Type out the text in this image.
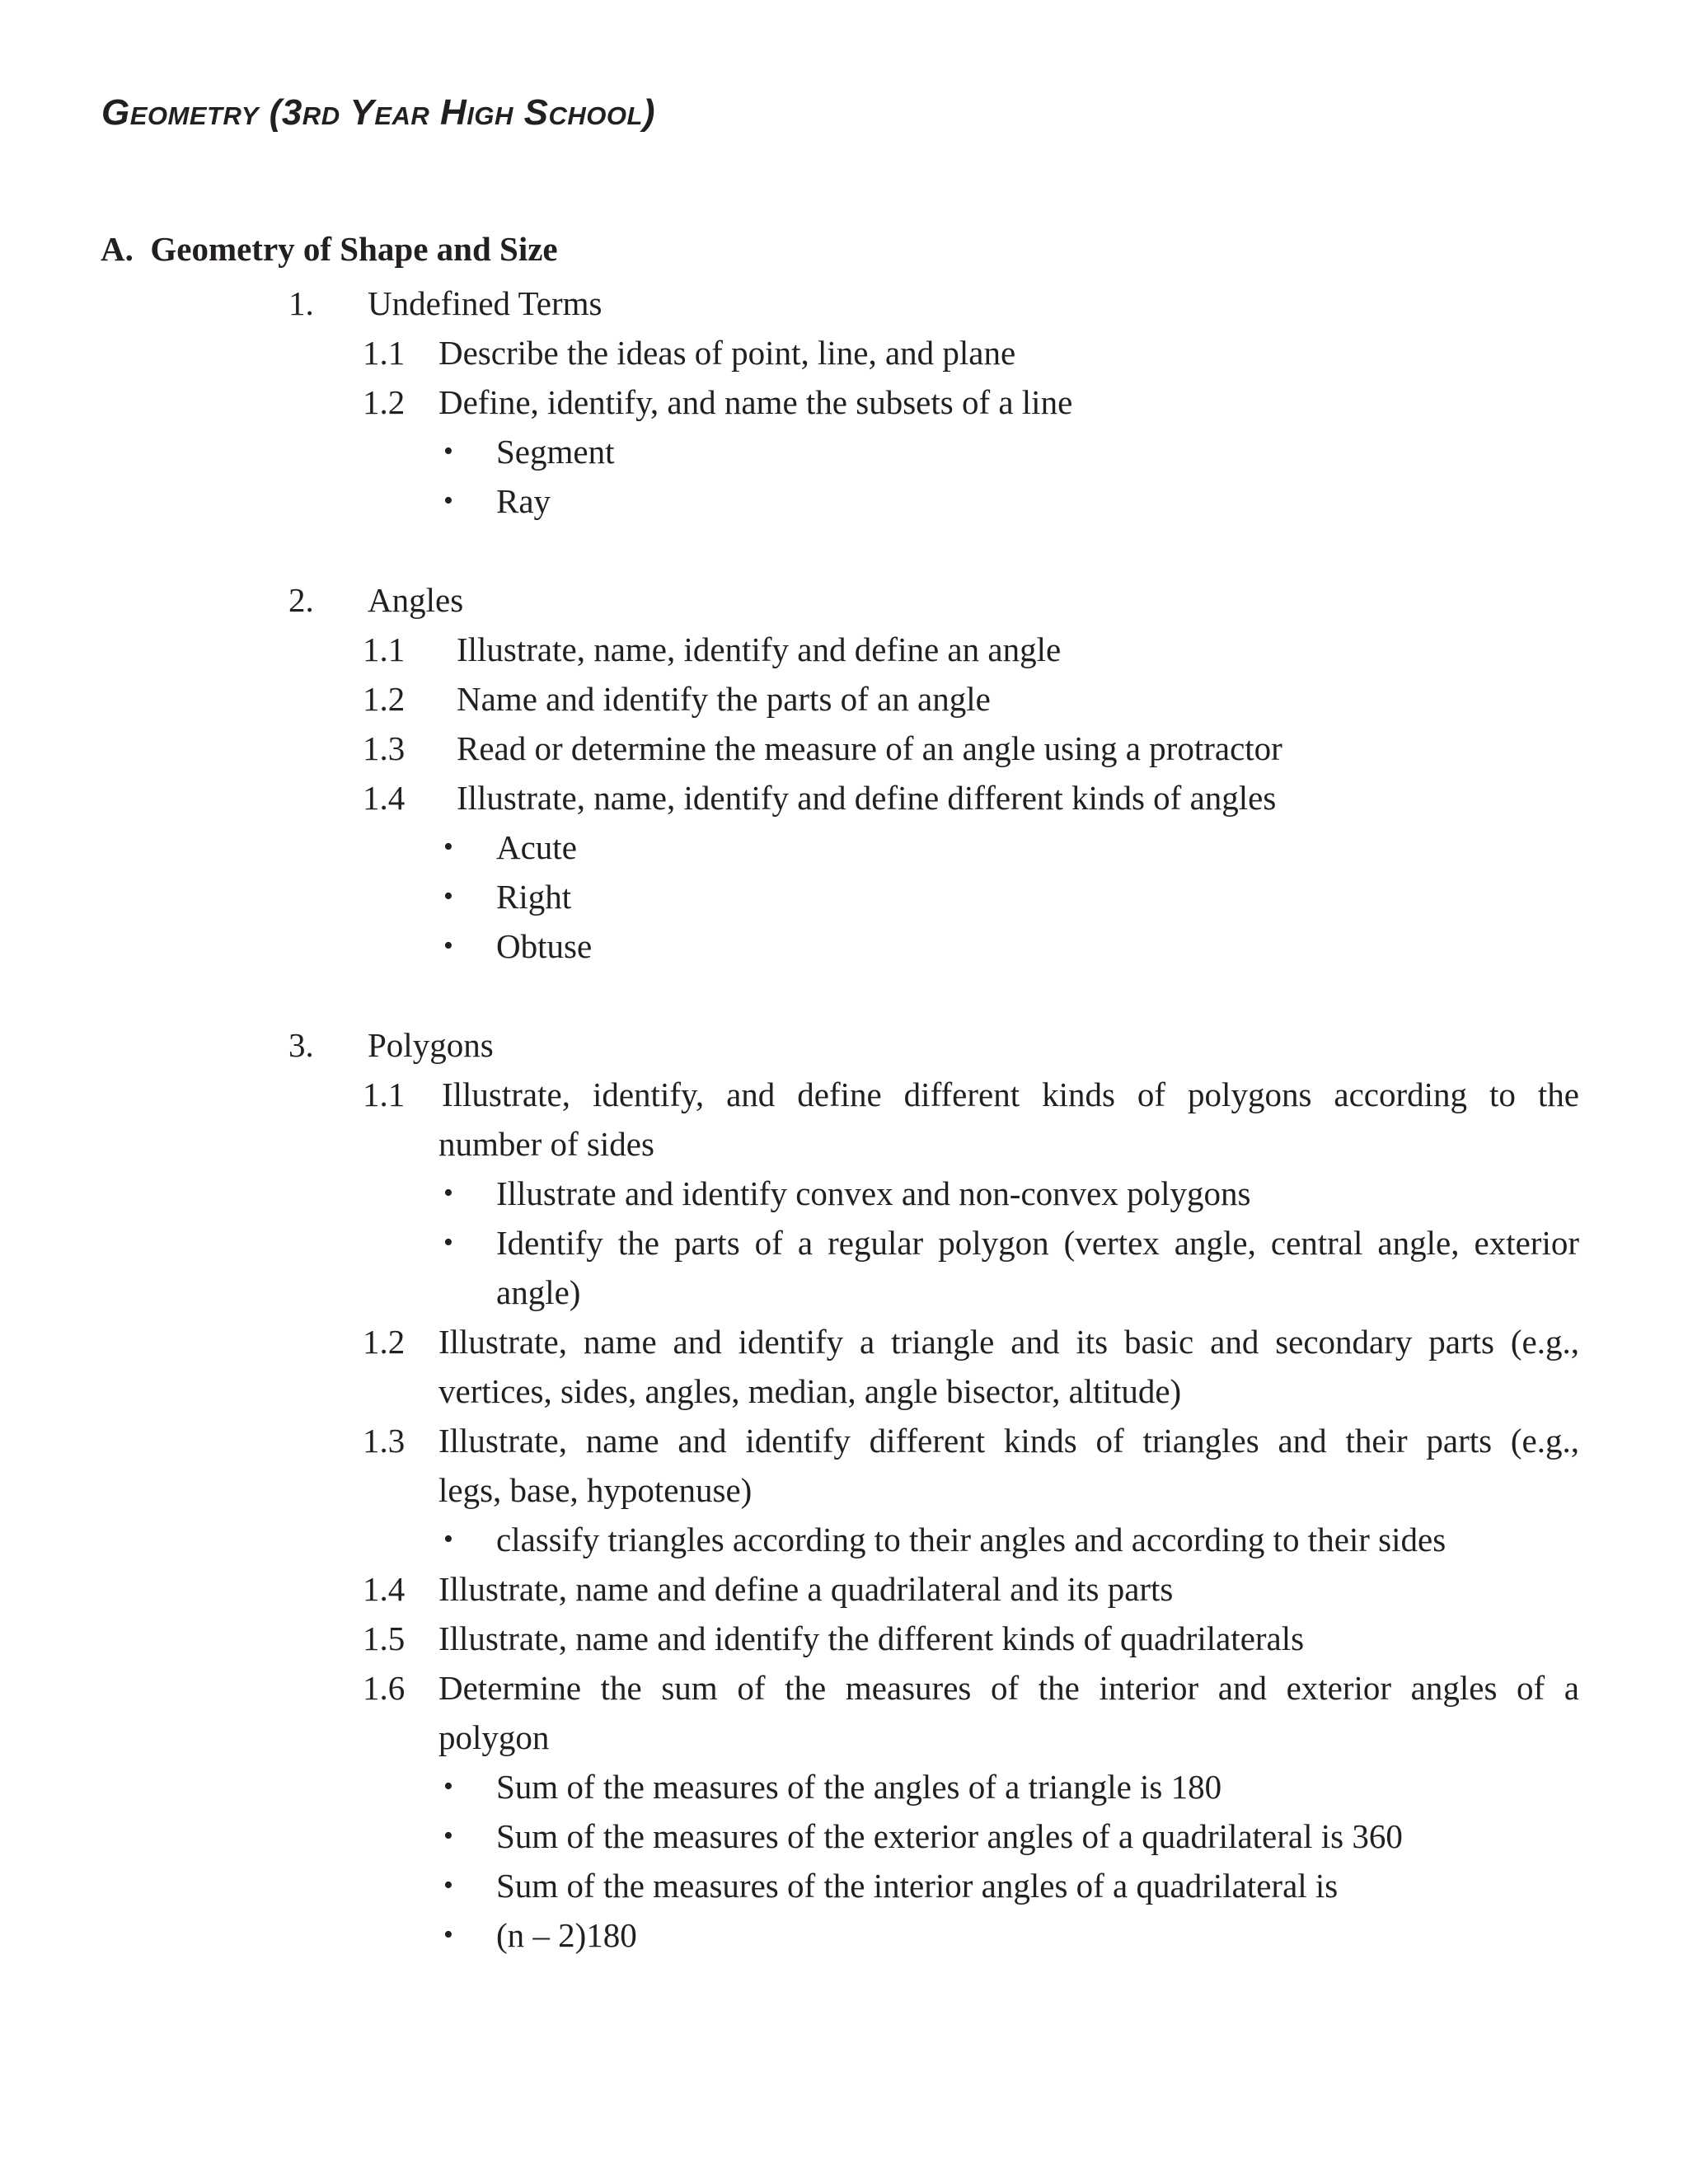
Geometry (3rd Year High School)
A. Geometry of Shape and Size
1. Undefined Terms
1.1 Describe the ideas of point, line, and plane
1.2 Define, identify, and name the subsets of a line
• Segment
• Ray
2. Angles
1.1 Illustrate, name, identify and define an angle
1.2 Name and identify the parts of an angle
1.3 Read or determine the measure of an angle using a protractor
1.4 Illustrate, name, identify and define different kinds of angles
• Acute
• Right
• Obtuse
3. Polygons
1.1 Illustrate, identify, and define different kinds of polygons according to the
number of sides
• Illustrate and identify convex and non-convex polygons
• Identify the parts of a regular polygon (vertex angle, central angle, exterior
angle)
1.2 Illustrate, name and identify a triangle and its basic and secondary parts (e.g.,
vertices, sides, angles, median, angle bisector, altitude)
1.3 Illustrate, name and identify different kinds of triangles and their parts (e.g.,
legs, base, hypotenuse)
• classify triangles according to their angles and according to their sides
1.4 Illustrate, name and define a quadrilateral and its parts
1.5 Illustrate, name and identify the different kinds of quadrilaterals
1.6 Determine the sum of the measures of the interior and exterior angles of a
polygon
• Sum of the measures of the angles of a triangle is 180
• Sum of the measures of the exterior angles of a quadrilateral is 360
• Sum of the measures of the interior angles of a quadrilateral is
• (n – 2)180
